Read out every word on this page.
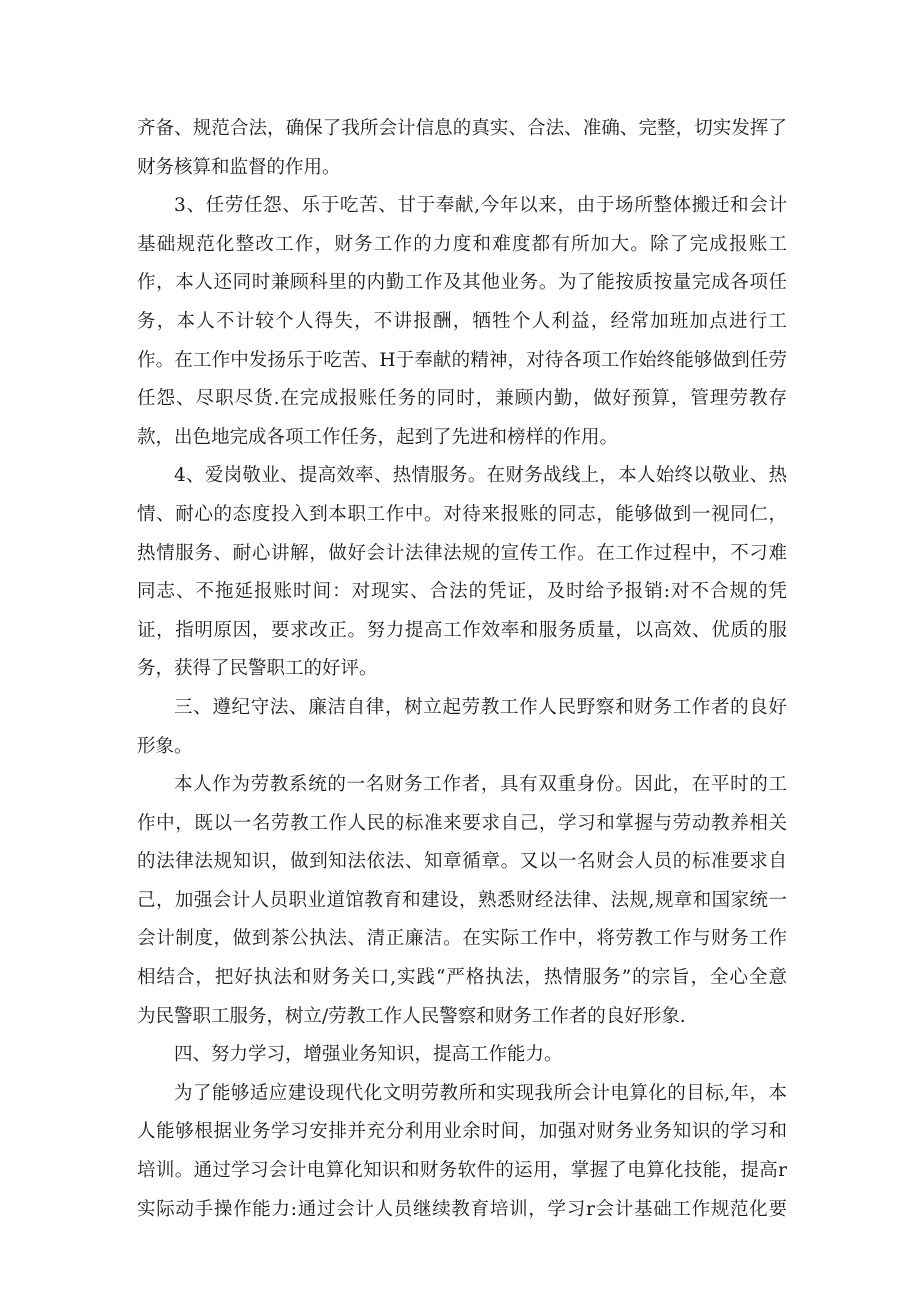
齐备、规范合法，确保了我所会计信息的真实、合法、准确、完整，切实发挥了
财务核算和监督的作用。
3、任劳任怨、乐于吃苦、甘于奉献,今年以来，由于场所整体搬迁和会计
基础规范化整改工作，财务工作的力度和难度都有所加大。除了完成报账工
作，本人还同时兼顾科里的内勤工作及其他业务。为了能按质按量完成各项任
务，本人不计较个人得失，不讲报酬，牺牲个人利益，经常加班加点进行工
作。在工作中发扬乐于吃苦、H于奉献的精神，对待各项工作始终能够做到任劳
任怨、尽职尽货.在完成报账任务的同时，兼顾内勤，做好预算，管理劳教存
款，出色地完成各项工作任务，起到了先进和榜样的作用。
4、爱岗敬业、提高效率、热情服务。在财务战线上，本人始终以敬业、热
情、耐心的态度投入到本职工作中。对待来报账的同志，能够做到一视同仁，
热情服务、耐心讲解，做好会计法律法规的宣传工作。在工作过程中，不刁难
同志、不拖延报账时间：对现实、合法的凭证，及时给予报销:对不合规的凭
证，指明原因，要求改正。努力提高工作效率和服务质量，以高效、优质的服
务，获得了民警职工的好评。
三、遵纪守法、廉洁自律，树立起劳教工作人民野察和财务工作者的良好
形象。
本人作为劳教系统的一名财务工作者，具有双重身份。因此，在平时的工
作中，既以一名劳教工作人民的标准来要求自己，学习和掌握与劳动教养相关
的法律法规知识，做到知法依法、知章循章。又以一名财会人员的标准要求自
己，加强会计人员职业道馆教育和建设，熟悉财经法律、法规,规章和国家统一
会计制度，做到茶公执法、清正廉洁。在实际工作中，将劳教工作与财务工作
相结合，把好执法和财务关口,实践“严格执法，热情服务”的宗旨，全心全意
为民警职工服务，树立/劳教工作人民警察和财务工作者的良好形象.
四、努力学习，增强业务知识，提高工作能力。
为了能够适应建设现代化文明劳教所和实现我所会计电算化的目标,年，本
人能够根据业务学习安排并充分利用业余时间，加强对财务业务知识的学习和
培训。通过学习会计电算化知识和财务软件的运用，掌握了电算化技能，提高r
实际动手操作能力:通过会计人员继续教育培训，学习r会计基础工作规范化要
